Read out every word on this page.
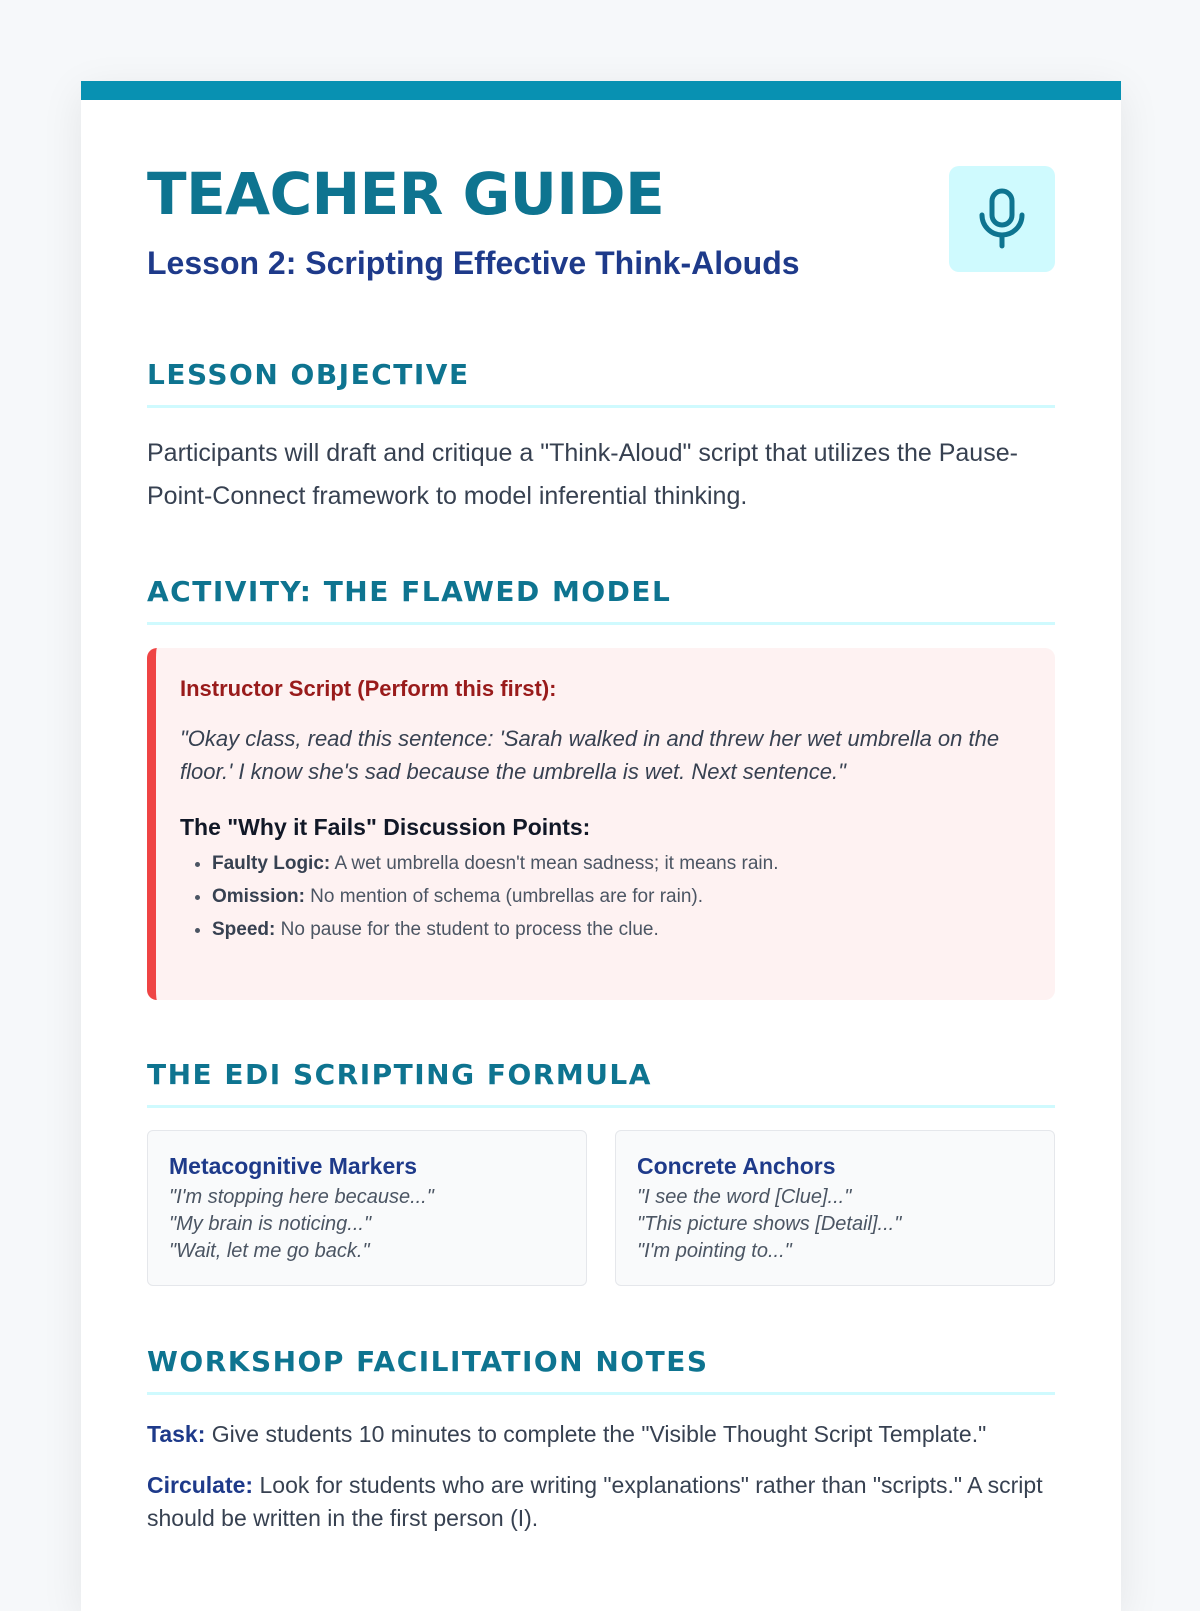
TEACHER GUIDE
Lesson 2: Scripting Effective Think-Alouds
LESSON OBJECTIVE

Participants will draft and critique a "Think-Aloud" script that utilizes the Pause-Point-Connect framework to model inferential thinking.

ACTIVITY: THE FLAWED MODEL

Instructor Script (Perform this first):

"Okay class, read this sentence: 'Sarah walked in and threw her wet umbrella on the floor.' I know she's sad because the umbrella is wet. Next sentence."

The "Why it Fails" Discussion Points:

• Faulty Logic: A wet umbrella doesn't mean sadness; it means rain.
• Omission: No mention of schema (umbrellas are for rain).
• Speed: No pause for the student to process the clue.
THE EDI SCRIPTING FORMULA

Metacognitive Markers

"I'm stopping here because..."

"My brain is noticing..."

"Wait, let me go back."

Concrete Anchors

"I see the word [Clue]..."

"This picture shows [Detail]..."

"I'm pointing to..."

WORKSHOP FACILITATION NOTES

Task: Give students 10 minutes to complete the "Visible Thought Script Template."

Circulate: Look for students who are writing "explanations" rather than "scripts." A script should be written in the first person (I).
